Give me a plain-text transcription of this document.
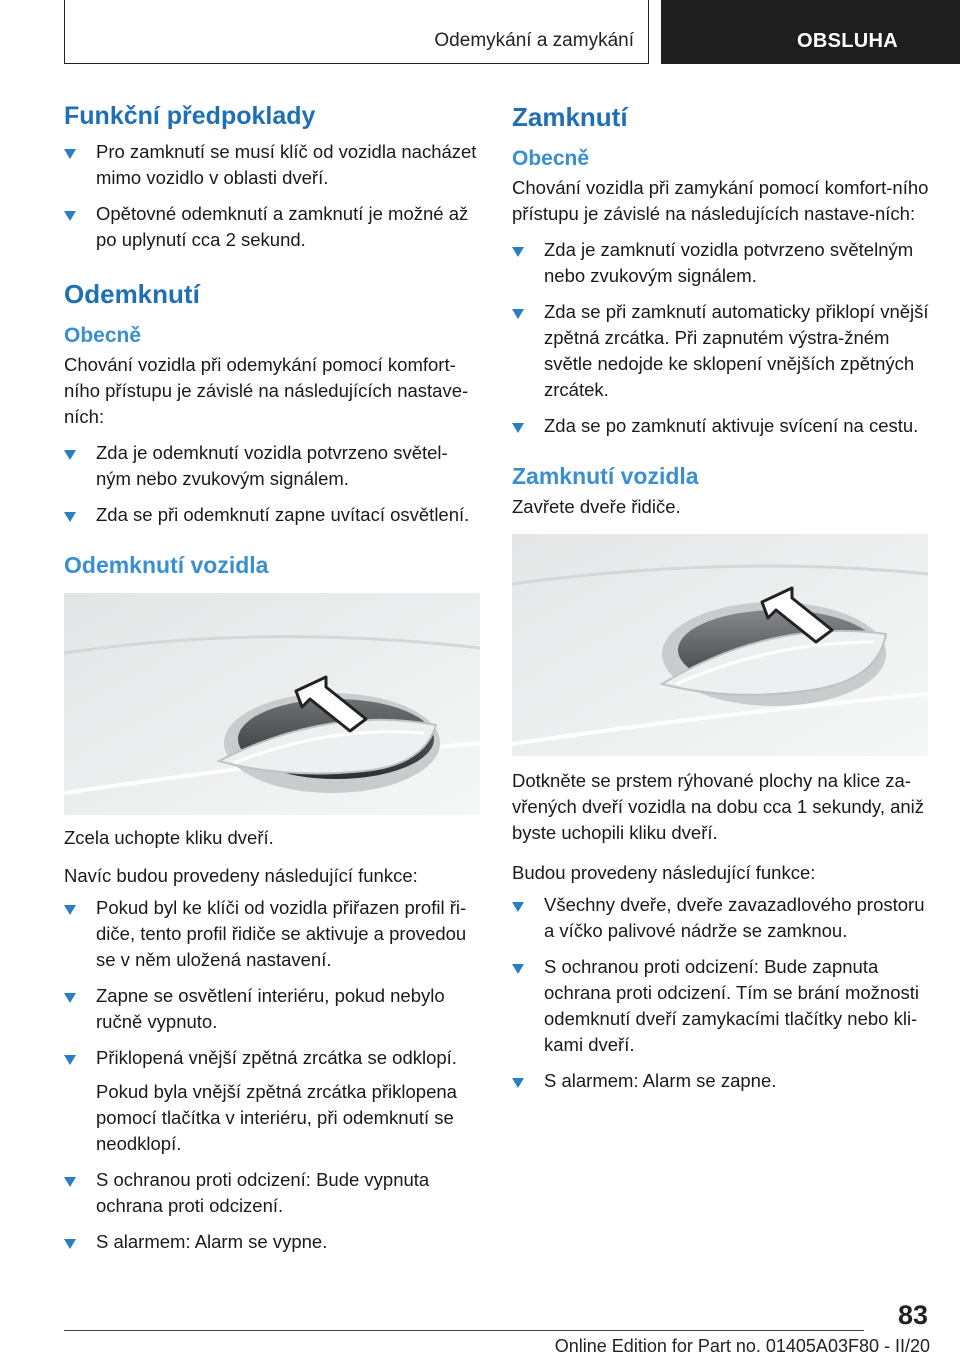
Odemykání a zamykání	OBSLUHA
Funkční předpoklady
Pro zamknutí se musí klíč od vozidla nacházet mimo vozidlo v oblasti dveří.
Opětovné odemknutí a zamknutí je možné až po uplynutí cca 2 sekund.
Odemknutí
Obecně

Chování vozidla při odemykání pomocí komfort-ního přístupu je závislé na následujících nastave-ních:

Zda je odemknutí vozidla potvrzeno světel-ným nebo zvukovým signálem.
Zda se při odemknutí zapne uvítací osvětlení.
Odemknutí vozidla

Zcela uchopte kliku dveří.

Navíc budou provedeny následující funkce:

Pokud byl ke klíči od vozidla přiřazen profil ři-diče, tento profil řidiče se aktivuje a provedou se v něm uložená nastavení.
Zapne se osvětlení interiéru, pokud nebylo ručně vypnuto.
Přiklopená vnější zpětná zrcátka se odklopí.
Pokud byla vnější zpětná zrcátka přiklopena pomocí tlačítka v interiéru, při odemknutí se neodklopí.
S ochranou proti odcizení: Bude vypnuta ochrana proti odcizení.
S alarmem: Alarm se vypne.
Zamknutí
Obecně

Chování vozidla při zamykání pomocí komfort-ního přístupu je závislé na následujících nastave-ních:

Zda je zamknutí vozidla potvrzeno světelným nebo zvukovým signálem.
Zda se při zamknutí automaticky přiklopí vnější zpětná zrcátka. Při zapnutém výstra-žném světle nedojde ke sklopení vnějších zpětných zrcátek.
Zda se po zamknutí aktivuje svícení na cestu.
Zamknutí vozidla

Zavřete dveře řidiče.

Dotkněte se prstem rýhované plochy na klice za-vřených dveří vozidla na dobu cca 1 sekundy, aniž byste uchopili kliku dveří.

Budou provedeny následující funkce:

Všechny dveře, dveře zavazadlového prostoru a víčko palivové nádrže se zamknou.
S ochranou proti odcizení: Bude zapnuta ochrana proti odcizení. Tím se brání možnosti odemknutí dveří zamykacími tlačítky nebo kli-kami dveří.
S alarmem: Alarm se zapne.
83
Online Edition for Part no. 01405A03F80 - II/20
